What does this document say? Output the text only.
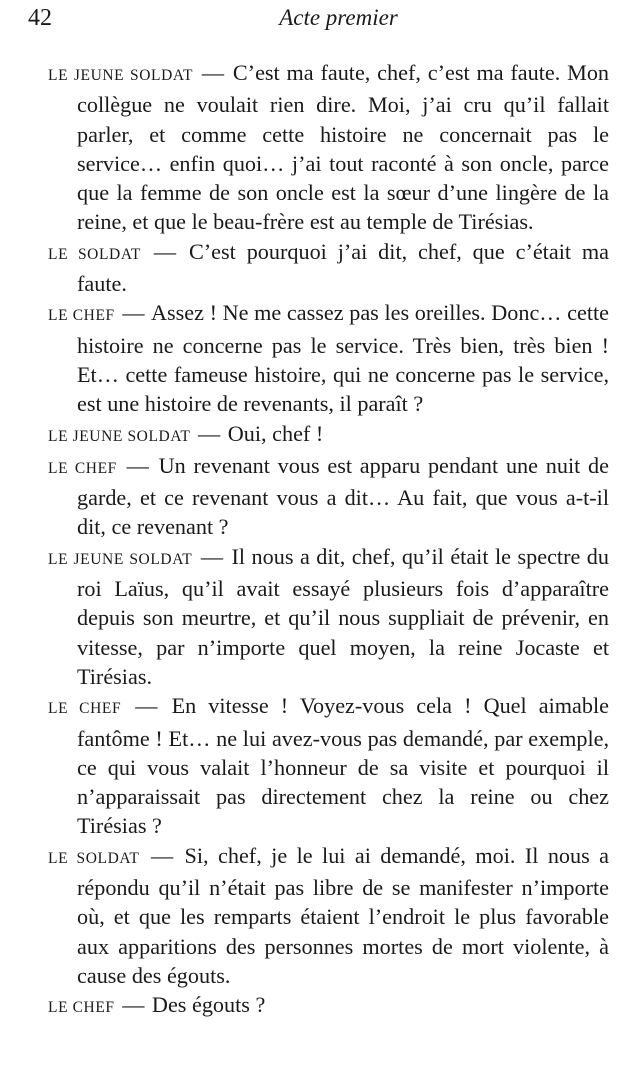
42	Acte premier

LE JEUNE SOLDAT — C’est ma faute, chef, c’est ma faute. Mon collègue ne voulait rien dire. Moi, j’ai cru qu’il fallait parler, et comme cette histoire ne concernait pas le service… enfin quoi… j’ai tout raconté à son oncle, parce que la femme de son oncle est la sœur d’une lingère de la reine, et que le beau-frère est au temple de Tirésias.

LE SOLDAT — C’est pourquoi j’ai dit, chef, que c’était ma faute.

LE CHEF — Assez ! Ne me cassez pas les oreilles. Donc… cette histoire ne concerne pas le service. Très bien, très bien ! Et… cette fameuse histoire, qui ne concerne pas le service, est une histoire de revenants, il paraît ?

LE JEUNE SOLDAT — Oui, chef !

LE CHEF — Un revenant vous est apparu pendant une nuit de garde, et ce revenant vous a dit… Au fait, que vous a-t-il dit, ce revenant ?

LE JEUNE SOLDAT — Il nous a dit, chef, qu’il était le spectre du roi Laïus, qu’il avait essayé plusieurs fois d’apparaître depuis son meurtre, et qu’il nous suppliait de prévenir, en vitesse, par n’importe quel moyen, la reine Jocaste et Tirésias.

LE CHEF — En vitesse ! Voyez-vous cela ! Quel aimable fantôme ! Et… ne lui avez-vous pas demandé, par exemple, ce qui vous valait l’honneur de sa visite et pourquoi il n’apparaissait pas directement chez la reine ou chez Tirésias ?

LE SOLDAT — Si, chef, je le lui ai demandé, moi. Il nous a répondu qu’il n’était pas libre de se manifester n’importe où, et que les remparts étaient l’endroit le plus favorable aux apparitions des personnes mortes de mort violente, à cause des égouts.

LE CHEF — Des égouts ?
